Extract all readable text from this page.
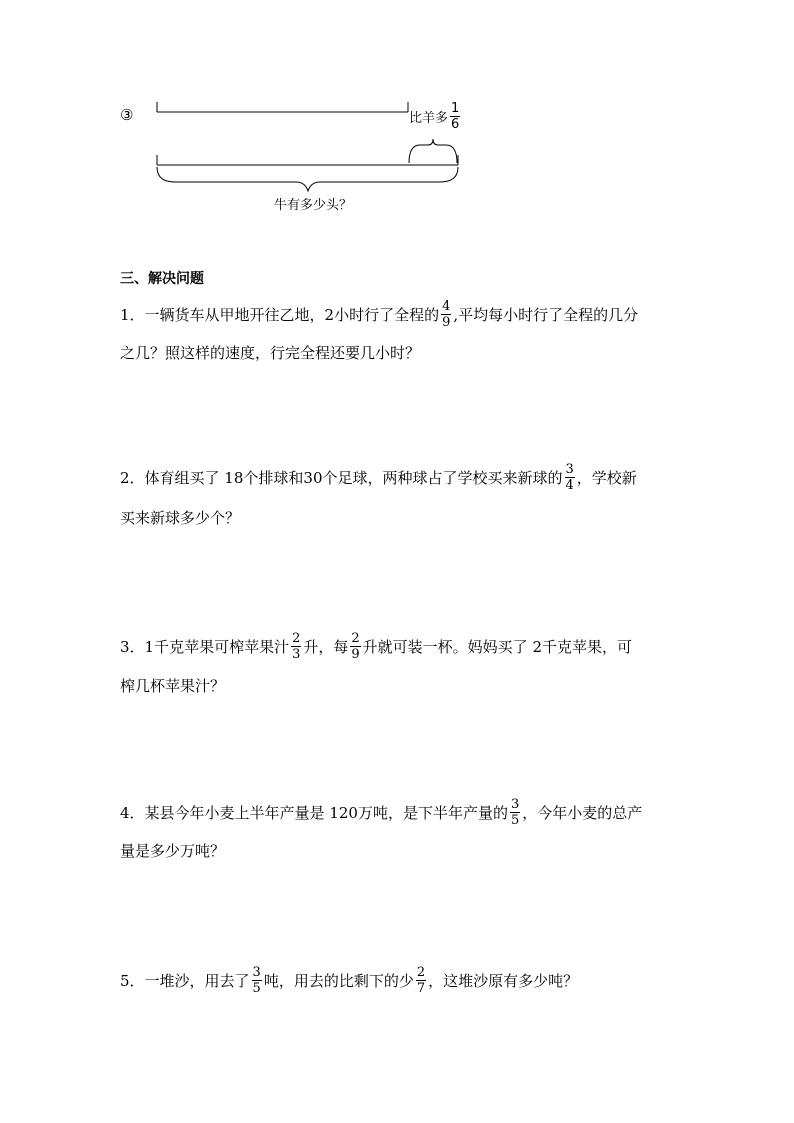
③	比羊多 $\frac{1}{6}$
牛有多少头？
三、解决问题
1．一辆货车从甲地开往乙地，2小时行了全程的 $\frac{4}{9}$ ,平均每小时行了全程的几分
之几？照这样的速度，行完全程还要几小时？
2．体育组买了 18个排球和30个足球，两种球占了学校买来新球的 $\frac{3}{4}$ ，学校新
买来新球多少个？
3．1千克苹果可榨苹果汁 $\frac{2}{3}$ 升，每 $\frac{2}{9}$ 升就可装一杯。妈妈买了 2千克苹果，可
榨几杯苹果汁？
4．某县今年小麦上半年产量是 120万吨，是下半年产量的 $\frac{3}{5}$ ，今年小麦的总产
量是多少万吨？
5．一堆沙，用去了 $\frac{3}{5}$ 吨，用去的比剩下的少 $\frac{2}{7}$ ，这堆沙原有多少吨？
